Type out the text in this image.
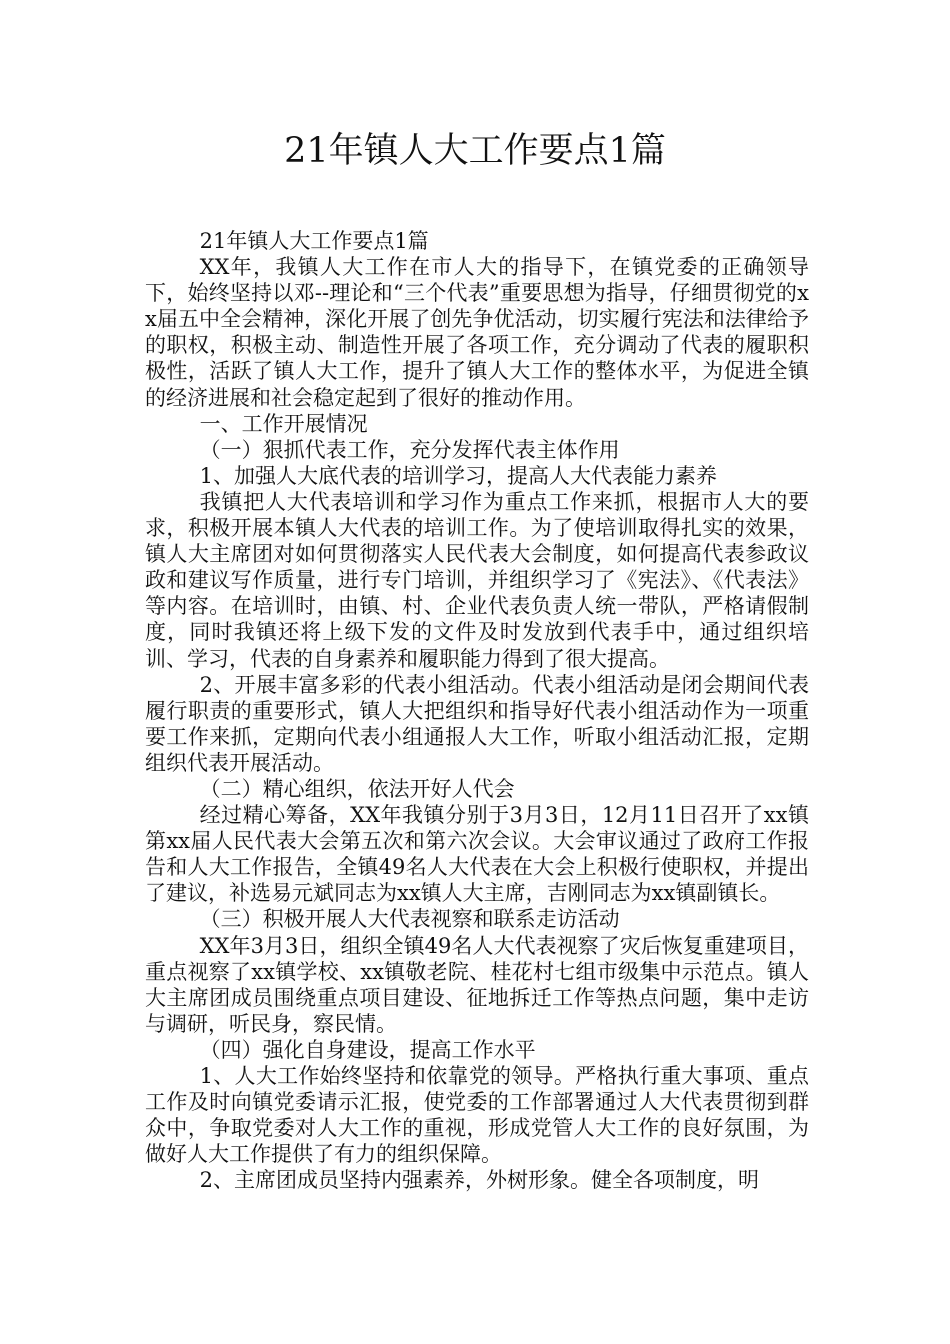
21年镇人大工作要点1篇

21年镇人大工作要点1篇

XX年，我镇人大工作在市人大的指导下，在镇党委的正确领导下，始终坚持以邓--理论和“三个代表”重要思想为指导，仔细贯彻党的xx届五中全会精神，深化开展了创先争优活动，切实履行宪法和法律给予的职权，积极主动、制造性开展了各项工作，充分调动了代表的履职积极性，活跃了镇人大工作，提升了镇人大工作的整体水平，为促进全镇的经济进展和社会稳定起到了很好的推动作用。

一、工作开展情况

（一）狠抓代表工作，充分发挥代表主体作用

1、加强人大底代表的培训学习，提高人大代表能力素养

我镇把人大代表培训和学习作为重点工作来抓，根据市人大的要求，积极开展本镇人大代表的培训工作。为了使培训取得扎实的效果，镇人大主席团对如何贯彻落实人民代表大会制度，如何提高代表参政议政和建议写作质量，进行专门培训，并组织学习了《宪法》、《代表法》等内容。在培训时，由镇、村、企业代表负责人统一带队，严格请假制度，同时我镇还将上级下发的文件及时发放到代表手中，通过组织培训、学习，代表的自身素养和履职能力得到了很大提高。

2、开展丰富多彩的代表小组活动。代表小组活动是闭会期间代表履行职责的重要形式，镇人大把组织和指导好代表小组活动作为一项重要工作来抓，定期向代表小组通报人大工作，听取小组活动汇报，定期组织代表开展活动。

（二）精心组织，依法开好人代会

经过精心筹备，XX年我镇分别于3月3日，12月11日召开了xx镇第xx届人民代表大会第五次和第六次会议。大会审议通过了政府工作报告和人大工作报告，全镇49名人大代表在大会上积极行使职权，并提出了建议，补选易元斌同志为xx镇人大主席，吉刚同志为xx镇副镇长。

（三）积极开展人大代表视察和联系走访活动

XX年3月3日，组织全镇49名人大代表视察了灾后恢复重建项目，重点视察了xx镇学校、xx镇敬老院、桂花村七组市级集中示范点。镇人大主席团成员围绕重点项目建设、征地拆迁工作等热点问题，集中走访与调研，听民身，察民情。

（四）强化自身建设，提高工作水平

1、人大工作始终坚持和依靠党的领导。严格执行重大事项、重点工作及时向镇党委请示汇报，使党委的工作部署通过人大代表贯彻到群众中，争取党委对人大工作的重视，形成党管人大工作的良好氛围，为做好人大工作提供了有力的组织保障。

2、主席团成员坚持内强素养，外树形象。健全各项制度，明
